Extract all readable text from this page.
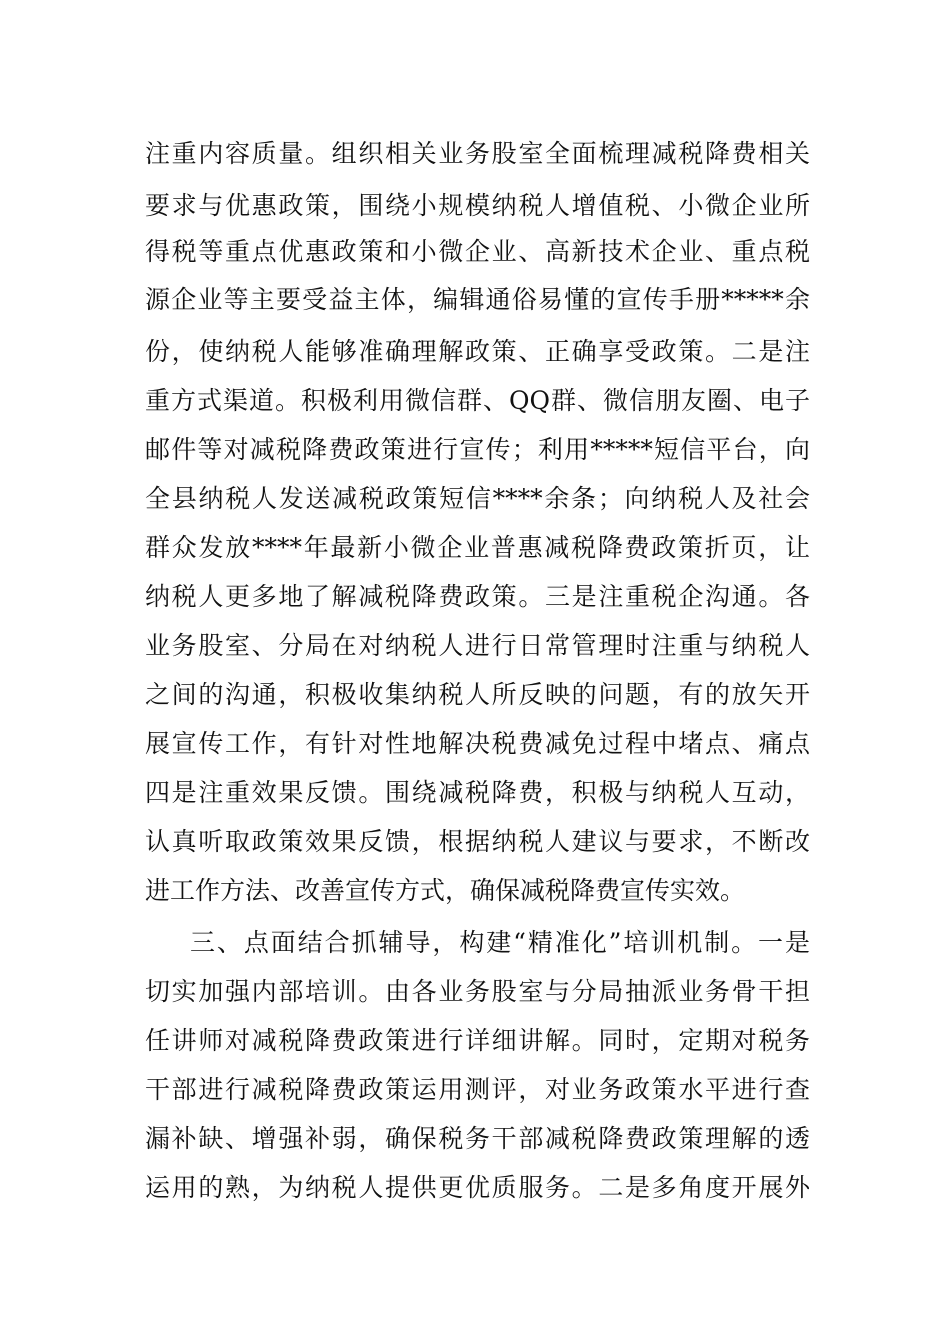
注重内容质量。组织相关业务股室全面梳理减税降费相关
要求与优惠政策，围绕小规模纳税人增值税、小微企业所
得税等重点优惠政策和小微企业、高新技术企业、重点税
源企业等主要受益主体，编辑通俗易懂的宣传手册*****余
份，使纳税人能够准确理解政策、正确享受政策。二是注
重方式渠道。积极利用微信群、QQ群、微信朋友圈、电子
邮件等对减税降费政策进行宣传；利用*****短信平台，向
全县纳税人发送减税政策短信****余条；向纳税人及社会
群众发放****年最新小微企业普惠减税降费政策折页，让
纳税人更多地了解减税降费政策。三是注重税企沟通。各
业务股室、分局在对纳税人进行日常管理时注重与纳税人
之间的沟通，积极收集纳税人所反映的问题，有的放矢开
展宣传工作，有针对性地解决税费减免过程中堵点、痛点
四是注重效果反馈。围绕减税降费，积极与纳税人互动，
认真听取政策效果反馈，根据纳税人建议与要求，不断改
进工作方法、改善宣传方式，确保减税降费宣传实效。
三、点面结合抓辅导，构建“精准化”培训机制。一是
切实加强内部培训。由各业务股室与分局抽派业务骨干担
任讲师对减税降费政策进行详细讲解。同时，定期对税务
干部进行减税降费政策运用测评，对业务政策水平进行查
漏补缺、增强补弱，确保税务干部减税降费政策理解的透
运用的熟，为纳税人提供更优质服务。二是多角度开展外
